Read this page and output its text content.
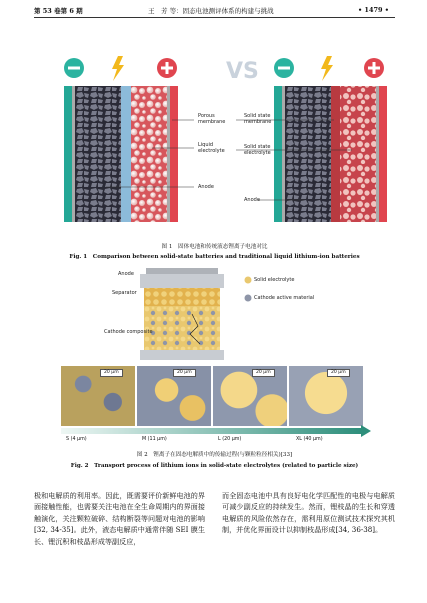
第 53 卷第 6 期	王　芳 等：固态电池测评体系的构建与挑战	• 1479 •
VS
Porous membrane
Liquid electrolyte
Anode
Solid state membrane
Solid state electrolyte
Anode
图 1　固体电池和传统液态锂离子电池对比
Fig. 1　Comparison between solid-state batteries and traditional liquid lithium-ion batteries
Anode
Separator
Cathode composite
Solid electrolyte
Cathode active material
20 μm	20 μm	20 μm	20 μm
S (4 μm)	M (11 μm)	L (20 μm)	XL (40 μm)
图 2　锂离子在固态电解质中的传输过程(与颗粒粒径相关)[33]
Fig. 2　Transport process of lithium ions in solid-state electrolytes (related to particle size)

极和电解质的利用率。因此，既需要评价新鲜电池的界面接触性能，也需要关注电池在全生命周期内的界面接触演化，关注颗粒破碎、结构断裂等问题对电池的影响[32, 34-35]。此外，液态电解质中通常伴随 SEI 膜生长、锂沉积和枝晶形成等副反应，

而全固态电池中具有良好电化学匹配性的电极与电解质可减少副反应的持续发生。然而，锂枝晶的生长和穿透电解质的风险依然存在，需利用原位测试技术探究其机制，并优化界面设计以抑制枝晶形成[34, 36-38]。
